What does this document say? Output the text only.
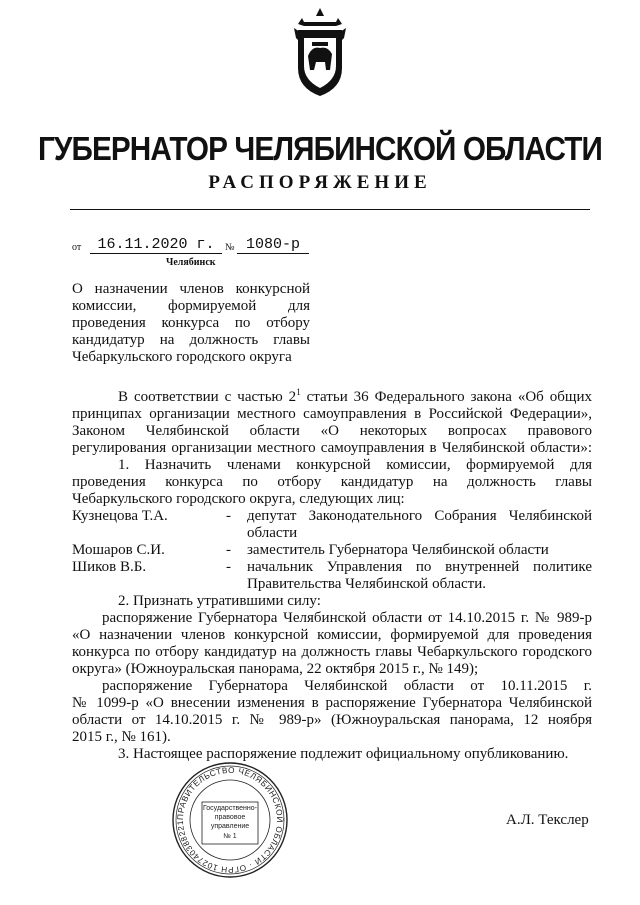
ГУБЕРНАТОР ЧЕЛЯБИНСКОЙ ОБЛАСТИ
РАСПОРЯЖЕНИЕ
от	16.11.2020 г.	№ 1080-р
Челябинск
О назначении членов конкурсной
комиссии, формируемой для
проведения конкурса по отбору
кандидатур на должность главы
Чебаркульского городского округа
В соответствии с частью $2^1$ статьи 36 Федерального закона «Об общих
принципах организации местного самоуправления в Российской Федерации»,
Законом Челябинской области «О некоторых вопросах правового
регулирования организации местного самоуправления в Челябинской области»:
1. Назначить членами конкурсной комиссии, формируемой для
проведения конкурса по отбору кандидатур на должность главы
Чебаркульского городского округа, следующих лиц:
Кузнецова Т.А.	- депутат Законодательного Собрания Челябинской
области
Мошаров С.И.	- заместитель Губернатора Челябинской области
Шиков В.Б.	- начальник Управления по внутренней политике
Правительства Челябинской области.
2. Признать утратившими силу:
распоряжение Губернатора Челябинской области от 14.10.2015 г. № 989-р
«О назначении членов конкурсной комиссии, формируемой для проведения
конкурса по отбору кандидатур на должность главы Чебаркульского городского
округа» (Южноуральская панорама, 22 октября 2015 г., № 149);
распоряжение Губернатора Челябинской области от 10.11.2015 г.
№ 1099-р «О внесении изменения в распоряжение Губернатора Челябинской
области от 14.10.2015 г. № 989-р» (Южноуральская панорама, 12 ноября
2015 г., № 161).
3. Настоящее распоряжение подлежит официальному опубликованию.
ПРАВИТЕЛЬСТВО ЧЕЛЯБИНСКОЙ ОБЛАСТИ · ОГРН 102740388221
Государственно-
правовое
управление
№ 1
А.Л. Текслер
